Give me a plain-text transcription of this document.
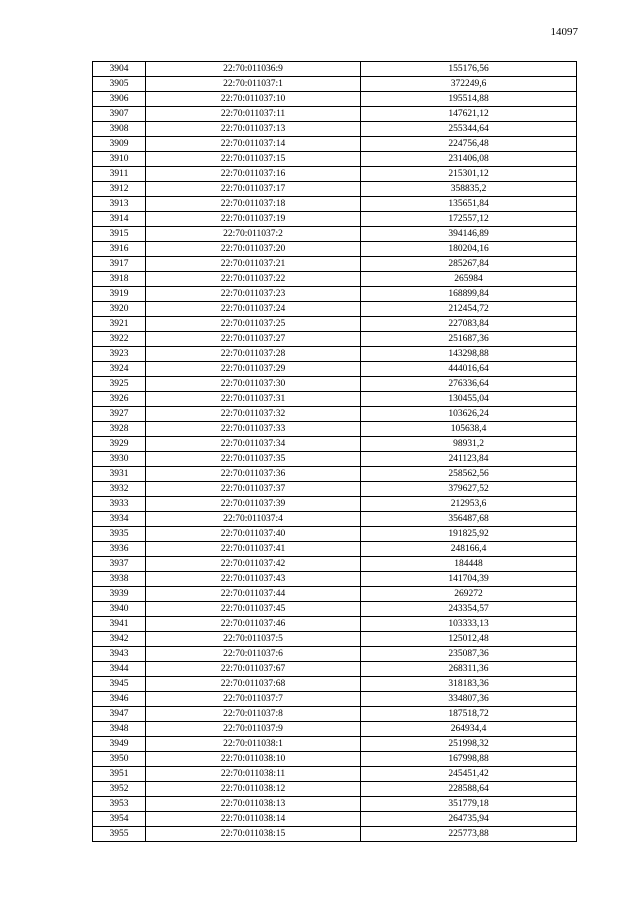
14097
3904	22:70:011036:9	155176,56
3905	22:70:011037:1	372249,6
3906	22:70:011037:10	195514,88
3907	22:70:011037:11	147621,12
3908	22:70:011037:13	255344,64
3909	22:70:011037:14	224756,48
3910	22:70:011037:15	231406,08
3911	22:70:011037:16	215301,12
3912	22:70:011037:17	358835,2
3913	22:70:011037:18	135651,84
3914	22:70:011037:19	172557,12
3915	22:70:011037:2	394146,89
3916	22:70:011037:20	180204,16
3917	22:70:011037:21	285267,84
3918	22:70:011037:22	265984
3919	22:70:011037:23	168899,84
3920	22:70:011037:24	212454,72
3921	22:70:011037:25	227083,84
3922	22:70:011037:27	251687,36
3923	22:70:011037:28	143298,88
3924	22:70:011037:29	444016,64
3925	22:70:011037:30	276336,64
3926	22:70:011037:31	130455,04
3927	22:70:011037:32	103626,24
3928	22:70:011037:33	105638,4
3929	22:70:011037:34	98931,2
3930	22:70:011037:35	241123,84
3931	22:70:011037:36	258562,56
3932	22:70:011037:37	379627,52
3933	22:70:011037:39	212953,6
3934	22:70:011037:4	356487,68
3935	22:70:011037:40	191825,92
3936	22:70:011037:41	248166,4
3937	22:70:011037:42	184448
3938	22:70:011037:43	141704,39
3939	22:70:011037:44	269272
3940	22:70:011037:45	243354,57
3941	22:70:011037:46	103333,13
3942	22:70:011037:5	125012,48
3943	22:70:011037:6	235087,36
3944	22:70:011037:67	268311,36
3945	22:70:011037:68	318183,36
3946	22:70:011037:7	334807,36
3947	22:70:011037:8	187518,72
3948	22:70:011037:9	264934,4
3949	22:70:011038:1	251998,32
3950	22:70:011038:10	167998,88
3951	22:70:011038:11	245451,42
3952	22:70:011038:12	228588,64
3953	22:70:011038:13	351779,18
3954	22:70:011038:14	264735,94
3955	22:70:011038:15	225773,88
